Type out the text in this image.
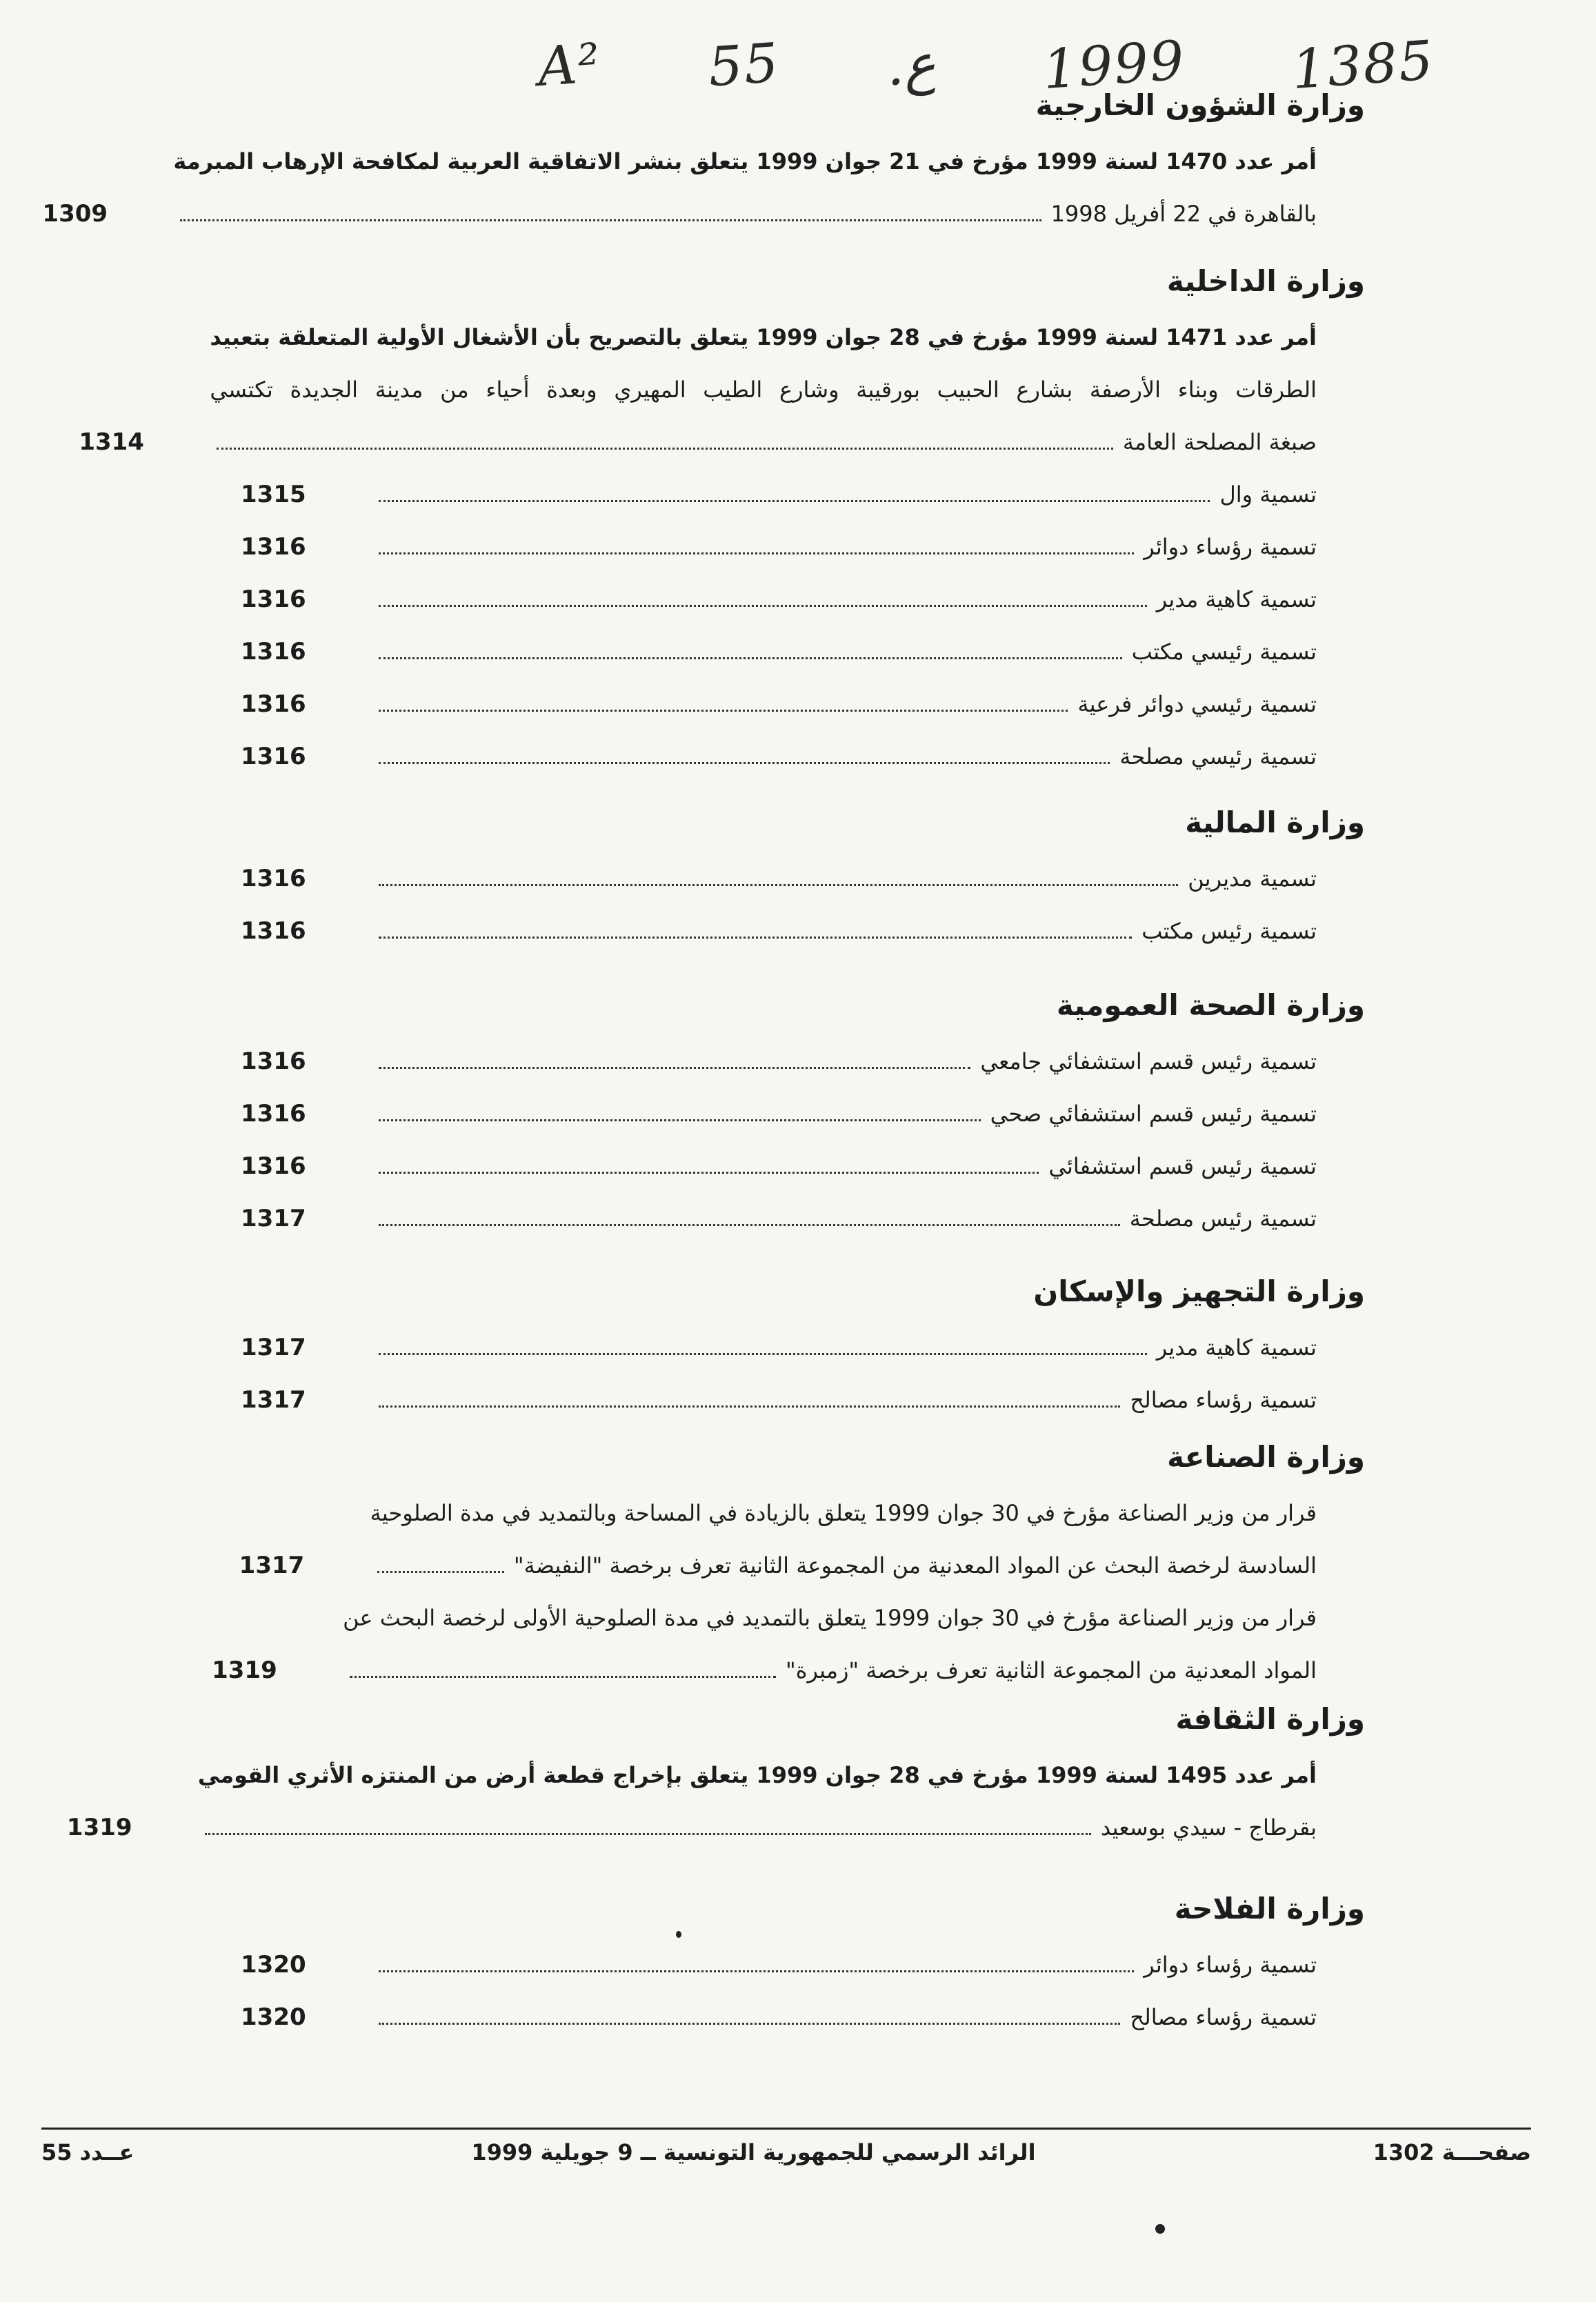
A² 55 .ع 1999 1385
وزارة الشؤون الخارجية
أمر عدد 1470 لسنة 1999 مؤرخ في 21 جوان 1999 يتعلق بنشر الاتفاقية العربية لمكافحة الإرهاب المبرمة
بالقاهرة في 22 أفريل 1998
1309
وزارة الداخلية
أمر عدد 1471 لسنة 1999 مؤرخ في 28 جوان 1999 يتعلق بالتصريح بأن الأشغال الأولية المتعلقة بتعبيد
الطرقات وبناء الأرصفة بشارع الحبيب بورقيبة وشارع الطيب المهيري وبعدة أحياء من مدينة الجديدة تكتسي
صبغة المصلحة العامة
1314
تسمية وال
1315
تسمية رؤساء دوائر
1316
تسمية كاهية مدير
1316
تسمية رئيسي مكتب
1316
تسمية رئيسي دوائر فرعية
1316
تسمية رئيسي مصلحة
1316
وزارة المالية
تسمية مديرين
1316
تسمية رئيس مكتب
1316
وزارة الصحة العمومية
تسمية رئيس قسم استشفائي جامعي
1316
تسمية رئيس قسم استشفائي صحي
1316
تسمية رئيس قسم استشفائي
1316
تسمية رئيس مصلحة
1317
وزارة التجهيز والإسكان
تسمية كاهية مدير
1317
تسمية رؤساء مصالح
1317
وزارة الصناعة
قرار من وزير الصناعة مؤرخ في 30 جوان 1999 يتعلق بالزيادة في المساحة وبالتمديد في مدة الصلوحية
السادسة لرخصة البحث عن المواد المعدنية من المجموعة الثانية تعرف برخصة "النفيضة"
1317
قرار من وزير الصناعة مؤرخ في 30 جوان 1999 يتعلق بالتمديد في مدة الصلوحية الأولى لرخصة البحث عن
المواد المعدنية من المجموعة الثانية تعرف برخصة "زمبرة"
1319
وزارة الثقافة
أمر عدد 1495 لسنة 1999 مؤرخ في 28 جوان 1999 يتعلق بإخراج قطعة أرض من المنتزه الأثري القومي
بقرطاج - سيدي بوسعيد
1319
وزارة الفلاحة
تسمية رؤساء دوائر
1320
تسمية رؤساء مصالح
1320
عــدد 55	الرائد الرسمي للجمهورية التونسية ــ 9 جويلية 1999	صفحـــة 1302
